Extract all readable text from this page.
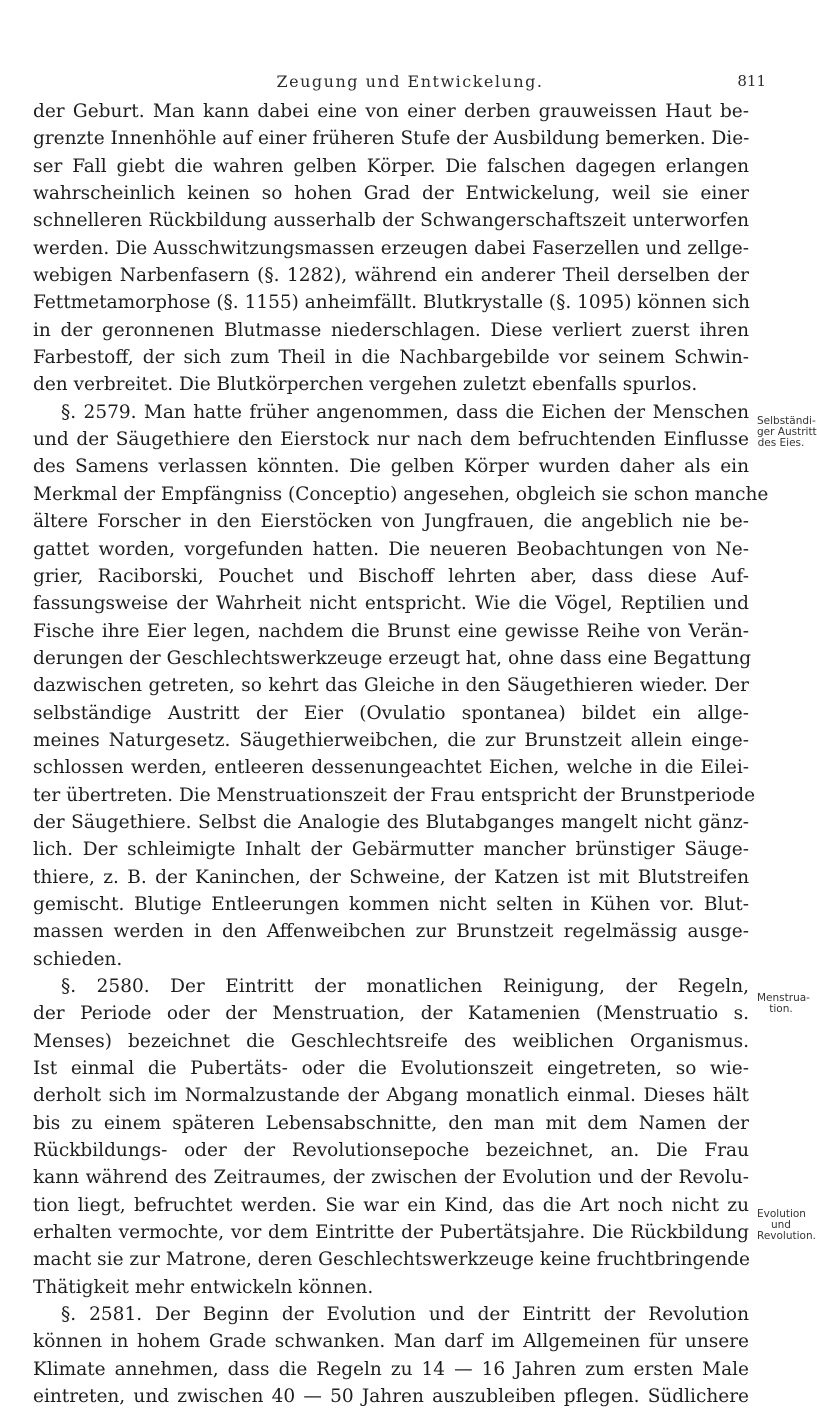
Zeugung und Entwickelung.	811
der Geburt. Man kann dabei eine von einer derben grauweissen Haut be-
grenzte Innenhöhle auf einer früheren Stufe der Ausbildung bemerken. Die-
ser Fall giebt die wahren gelben Körper. Die falschen dagegen erlangen
wahrscheinlich keinen so hohen Grad der Entwickelung, weil sie einer
schnelleren Rückbildung ausserhalb der Schwangerschaftszeit unterworfen
werden. Die Ausschwitzungsmassen erzeugen dabei Faserzellen und zellge-
webigen Narbenfasern (§. 1282), während ein anderer Theil derselben der
Fettmetamorphose (§. 1155) anheimfällt. Blutkrystalle (§. 1095) können sich
in der geronnenen Blutmasse niederschlagen. Diese verliert zuerst ihren
Farbestoff, der sich zum Theil in die Nachbargebilde vor seinem Schwin-
den verbreitet. Die Blutkörperchen vergehen zuletzt ebenfalls spurlos.
§. 2579. Man hatte früher angenommen, dass die Eichen der Menschen
und der Säugethiere den Eierstock nur nach dem befruchtenden Einflusse
des Samens verlassen könnten. Die gelben Körper wurden daher als ein
Merkmal der Empfängniss (Conceptio) angesehen, obgleich sie schon manche
ältere Forscher in den Eierstöcken von Jungfrauen, die angeblich nie be-
gattet worden, vorgefunden hatten. Die neueren Beobachtungen von Ne-
grier, Raciborski, Pouchet und Bischoff lehrten aber, dass diese Auf-
fassungsweise der Wahrheit nicht entspricht. Wie die Vögel, Reptilien und
Fische ihre Eier legen, nachdem die Brunst eine gewisse Reihe von Verän-
derungen der Geschlechtswerkzeuge erzeugt hat, ohne dass eine Begattung
dazwischen getreten, so kehrt das Gleiche in den Säugethieren wieder. Der
selbständige Austritt der Eier (Ovulatio spontanea) bildet ein allge-
meines Naturgesetz. Säugethierweibchen, die zur Brunstzeit allein einge-
schlossen werden, entleeren dessenungeachtet Eichen, welche in die Eilei-
ter übertreten. Die Menstruationszeit der Frau entspricht der Brunstperiode
der Säugethiere. Selbst die Analogie des Blutabganges mangelt nicht gänz-
lich. Der schleimigte Inhalt der Gebärmutter mancher brünstiger Säuge-
thiere, z. B. der Kaninchen, der Schweine, der Katzen ist mit Blutstreifen
gemischt. Blutige Entleerungen kommen nicht selten in Kühen vor. Blut-
massen werden in den Affenweibchen zur Brunstzeit regelmässig ausge-
schieden.
§. 2580. Der Eintritt der monatlichen Reinigung, der Regeln,
der Periode oder der Menstruation, der Katamenien (Menstruatio s.
Menses) bezeichnet die Geschlechtsreife des weiblichen Organismus.
Ist einmal die Pubertäts- oder die Evolutionszeit eingetreten, so wie-
derholt sich im Normalzustande der Abgang monatlich einmal. Dieses hält
bis zu einem späteren Lebensabschnitte, den man mit dem Namen der
Rückbildungs- oder der Revolutionsepoche bezeichnet, an. Die Frau
kann während des Zeitraumes, der zwischen der Evolution und der Revolu-
tion liegt, befruchtet werden. Sie war ein Kind, das die Art noch nicht zu
erhalten vermochte, vor dem Eintritte der Pubertätsjahre. Die Rückbildung
macht sie zur Matrone, deren Geschlechtswerkzeuge keine fruchtbringende
Thätigkeit mehr entwickeln können.
§. 2581. Der Beginn der Evolution und der Eintritt der Revolution
können in hohem Grade schwanken. Man darf im Allgemeinen für unsere
Klimate annehmen, dass die Regeln zu 14 — 16 Jahren zum ersten Male
eintreten, und zwischen 40 — 50 Jahren auszubleiben pflegen. Südlichere
Selbständi-
ger Austritt
des Eies.
Menstrua-
tion.
Evolution
und
Revolution.
